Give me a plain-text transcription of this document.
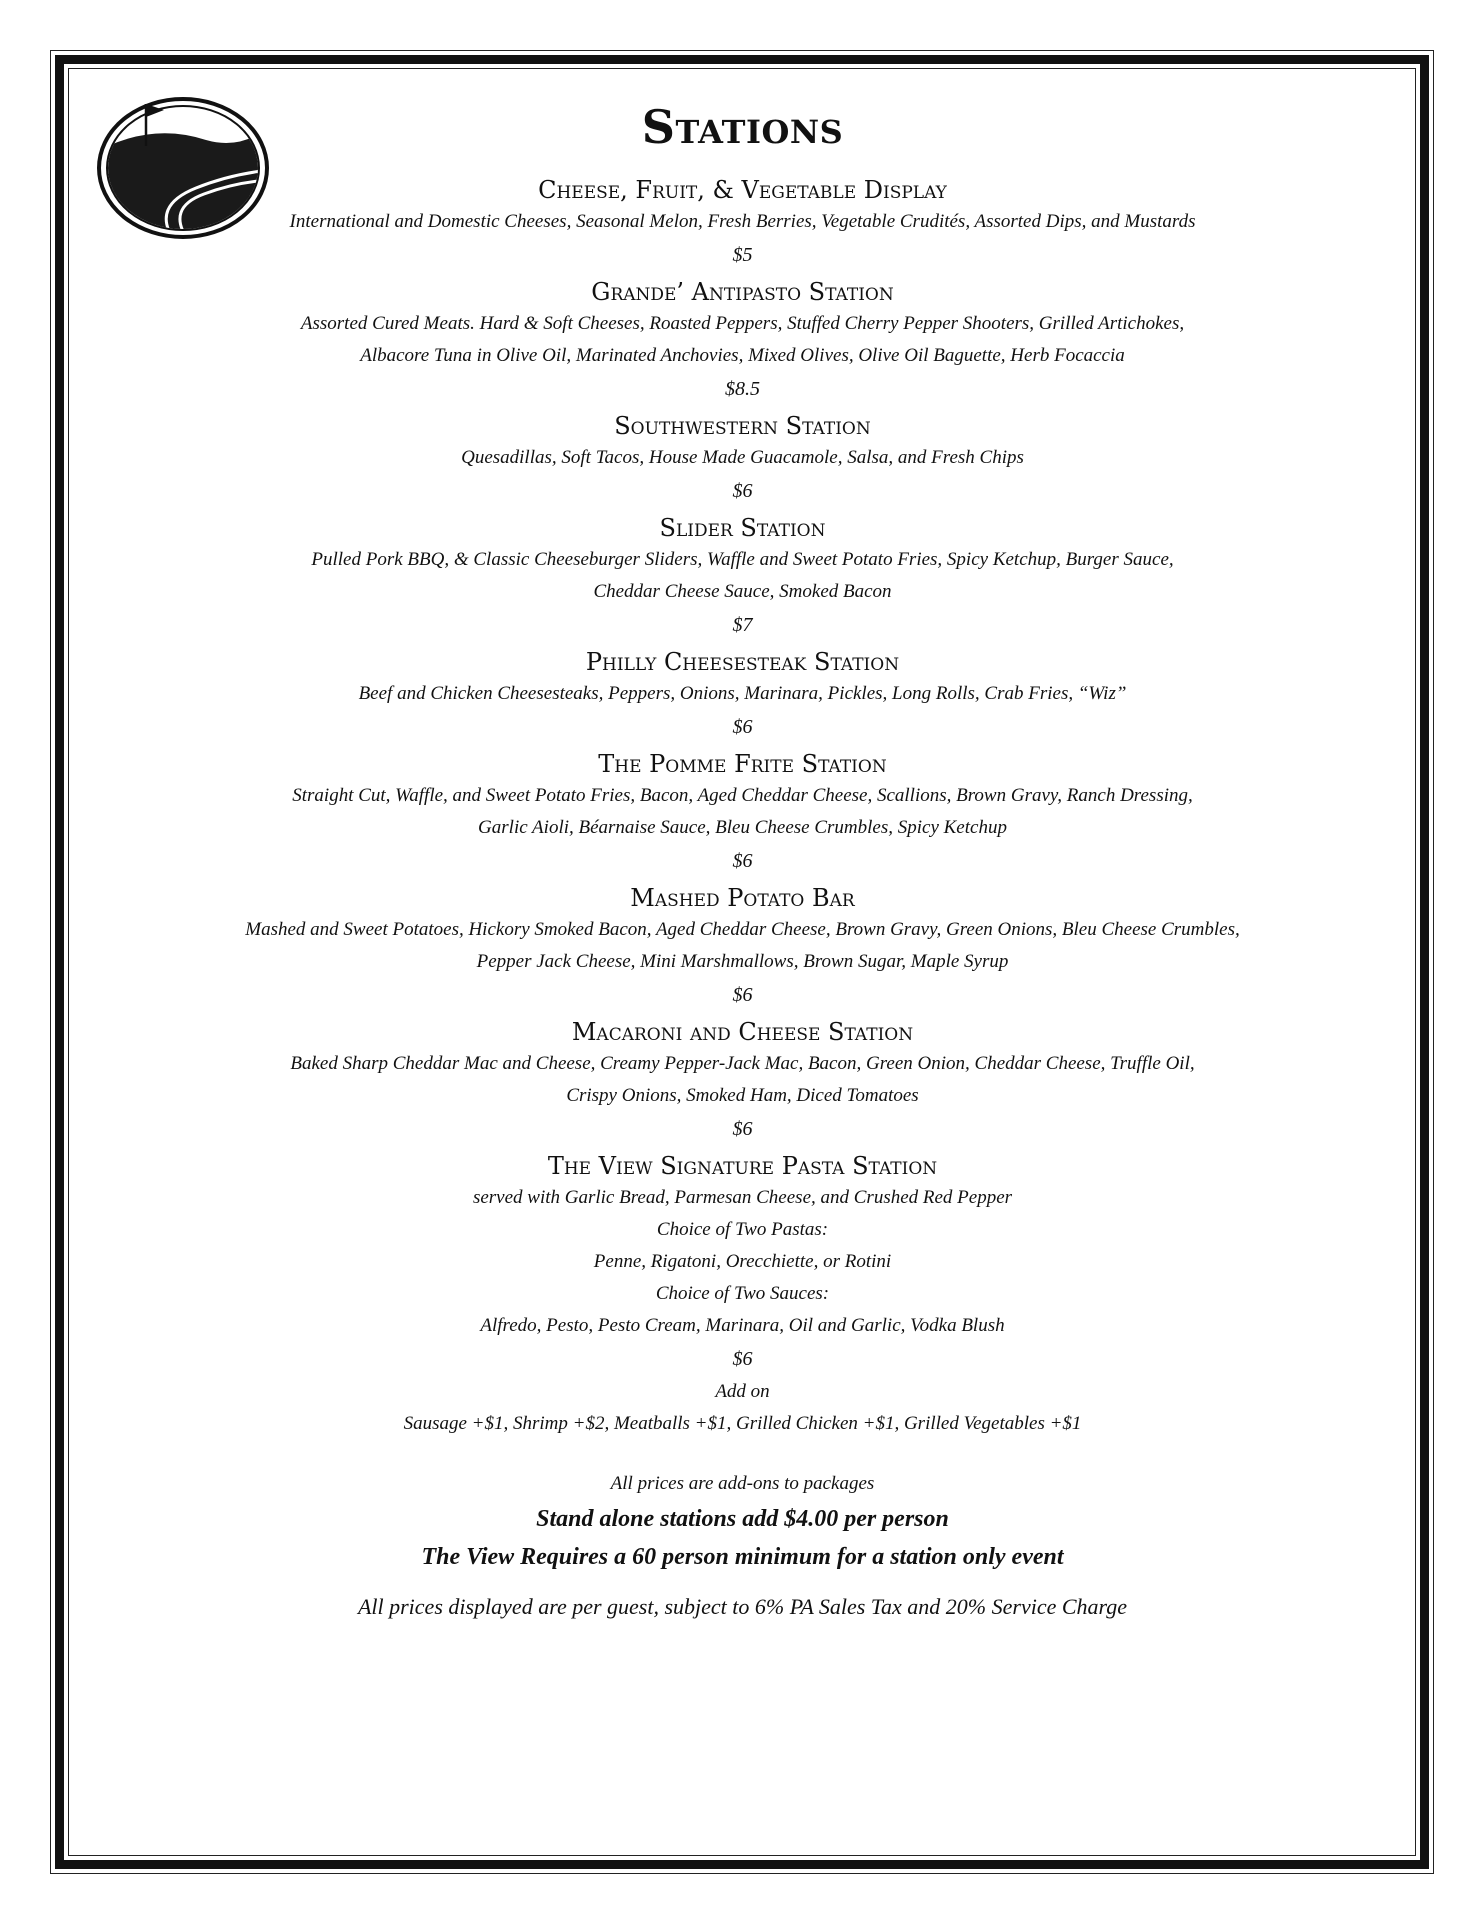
Stations
Cheese, Fruit, & Vegetable Display
International and Domestic Cheeses, Seasonal Melon, Fresh Berries, Vegetable Crudités, Assorted Dips, and Mustards
$5
Grande’ Antipasto Station
Assorted Cured Meats. Hard & Soft Cheeses, Roasted Peppers, Stuffed Cherry Pepper Shooters, Grilled Artichokes,
Albacore Tuna in Olive Oil, Marinated Anchovies, Mixed Olives, Olive Oil Baguette, Herb Focaccia
$8.5
Southwestern Station
Quesadillas, Soft Tacos, House Made Guacamole, Salsa, and Fresh Chips
$6
Slider Station
Pulled Pork BBQ, & Classic Cheeseburger Sliders, Waffle and Sweet Potato Fries, Spicy Ketchup, Burger Sauce,
Cheddar Cheese Sauce, Smoked Bacon
$7
Philly Cheesesteak Station
Beef and Chicken Cheesesteaks, Peppers, Onions, Marinara, Pickles, Long Rolls, Crab Fries, “Wiz”
$6
The Pomme Frite Station
Straight Cut, Waffle, and Sweet Potato Fries, Bacon, Aged Cheddar Cheese, Scallions, Brown Gravy, Ranch Dressing,
Garlic Aioli, Béarnaise Sauce, Bleu Cheese Crumbles, Spicy Ketchup
$6
Mashed Potato Bar
Mashed and Sweet Potatoes, Hickory Smoked Bacon, Aged Cheddar Cheese, Brown Gravy, Green Onions, Bleu Cheese Crumbles,
Pepper Jack Cheese, Mini Marshmallows, Brown Sugar, Maple Syrup
$6
Macaroni and Cheese Station
Baked Sharp Cheddar Mac and Cheese, Creamy Pepper-Jack Mac, Bacon, Green Onion, Cheddar Cheese, Truffle Oil,
Crispy Onions, Smoked Ham, Diced Tomatoes
$6
The View Signature Pasta Station
served with Garlic Bread, Parmesan Cheese, and Crushed Red Pepper
Choice of Two Pastas:
Penne, Rigatoni, Orecchiette, or Rotini
Choice of Two Sauces:
Alfredo, Pesto, Pesto Cream, Marinara, Oil and Garlic, Vodka Blush
$6
Add on
Sausage +$1, Shrimp +$2, Meatballs +$1, Grilled Chicken +$1, Grilled Vegetables +$1
All prices are add-ons to packages
Stand alone stations add $4.00 per person
The View Requires a 60 person minimum for a station only event
All prices displayed are per guest, subject to 6% PA Sales Tax and 20% Service Charge
